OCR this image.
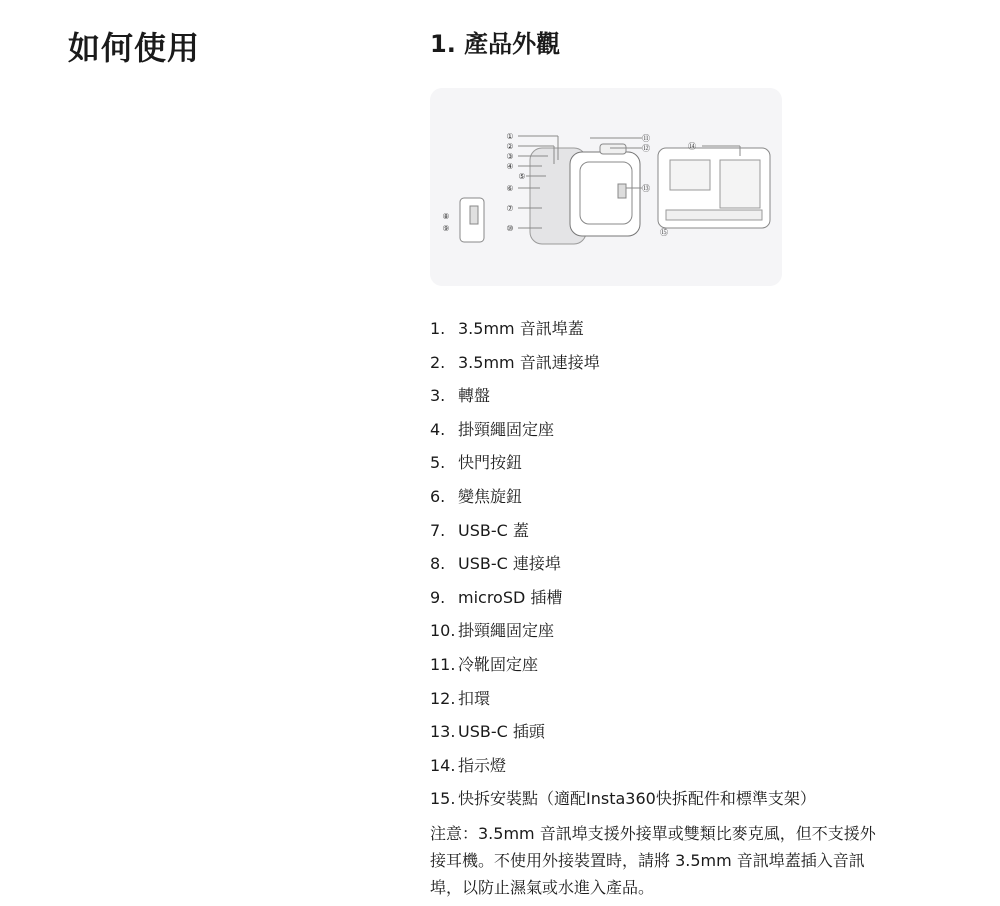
如何使用	1. 產品外觀
①
②
③
④
⑤
⑥
⑦
⑧
⑨	⑩
⑪
⑫
⑬
⑭
⑮
1. 3.5mm 音訊埠蓋
2. 3.5mm 音訊連接埠
3. 轉盤
4. 掛頸繩固定座
5. 快門按鈕
6. 變焦旋鈕
7. USB-C 蓋
8. USB-C 連接埠
9. microSD 插槽
10. 掛頸繩固定座
11. 冷靴固定座
12. 扣環
13. USB-C 插頭
14. 指示燈
15. 快拆安裝點（適配Insta360快拆配件和標準支架）
注意：3.5mm 音訊埠支援外接單或雙類比麥克風，但不支援外接耳機。不使用外接裝置時，請將 3.5mm 音訊埠蓋插入音訊埠，以防止濕氣或水進入產品。
